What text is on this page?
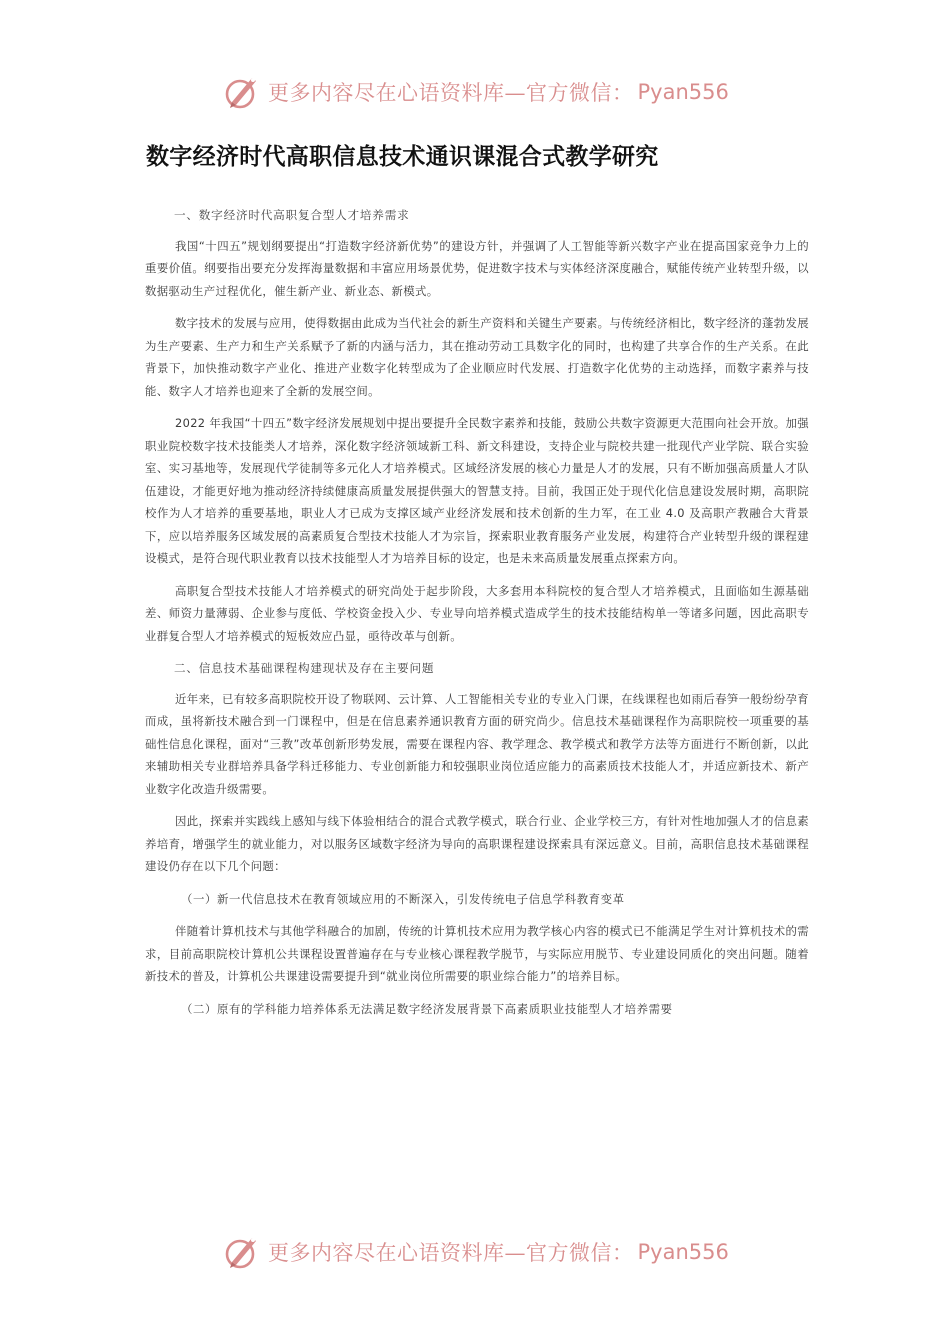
更多内容尽在心语资料库—官方微信： Pyan556
数字经济时代高职信息技术通识课混合式教学研究
一、数字经济时代高职复合型人才培养需求

我国“十四五”规划纲要提出“打造数字经济新优势”的建设方针，并强调了人工智能等新兴数字产业在提高国家竞争力上的重要价值。纲要指出要充分发挥海量数据和丰富应用场景优势，促进数字技术与实体经济深度融合，赋能传统产业转型升级，以数据驱动生产过程优化，催生新产业、新业态、新模式。

数字技术的发展与应用，使得数据由此成为当代社会的新生产资料和关键生产要素。与传统经济相比，数字经济的蓬勃发展为生产要素、生产力和生产关系赋予了新的内涵与活力，其在推动劳动工具数字化的同时，也构建了共享合作的生产关系。在此背景下，加快推动数字产业化、推进产业数字化转型成为了企业顺应时代发展、打造数字化优势的主动选择，而数字素养与技能、数字人才培养也迎来了全新的发展空间。

2022 年我国“十四五”数字经济发展规划中提出要提升全民数字素养和技能，鼓励公共数字资源更大范围向社会开放。加强职业院校数字技术技能类人才培养，深化数字经济领域新工科、新文科建设，支持企业与院校共建一批现代产业学院、联合实验室、实习基地等，发展现代学徒制等多元化人才培养模式。区域经济发展的核心力量是人才的发展，只有不断加强高质量人才队伍建设，才能更好地为推动经济持续健康高质量发展提供强大的智慧支持。目前，我国正处于现代化信息建设发展时期，高职院校作为人才培养的重要基地，职业人才已成为支撑区域产业经济发展和技术创新的生力军，在工业 4.0 及高职产教融合大背景下，应以培养服务区域发展的高素质复合型技术技能人才为宗旨，探索职业教育服务产业发展，构建符合产业转型升级的课程建设模式，是符合现代职业教育以技术技能型人才为培养目标的设定，也是未来高质量发展重点探索方向。

高职复合型技术技能人才培养模式的研究尚处于起步阶段，大多套用本科院校的复合型人才培养模式，且面临如生源基础差、师资力量薄弱、企业参与度低、学校资金投入少、专业导向培养模式造成学生的技术技能结构单一等诸多问题，因此高职专业群复合型人才培养模式的短板效应凸显，亟待改革与创新。

二、信息技术基础课程构建现状及存在主要问题

近年来，已有较多高职院校开设了物联网、云计算、人工智能相关专业的专业入门课，在线课程也如雨后春笋一般纷纷孕育而成，虽将新技术融合到一门课程中，但是在信息素养通识教育方面的研究尚少。信息技术基础课程作为高职院校一项重要的基础性信息化课程，面对“三教”改革创新形势发展，需要在课程内容、教学理念、教学模式和教学方法等方面进行不断创新，以此来辅助相关专业群培养具备学科迁移能力、专业创新能力和较强职业岗位适应能力的高素质技术技能人才，并适应新技术、新产业数字化改造升级需要。

因此，探索并实践线上感知与线下体验相结合的混合式教学模式，联合行业、企业学校三方，有针对性地加强人才的信息素养培育，增强学生的就业能力，对以服务区域数字经济为导向的高职课程建设探索具有深远意义。目前，高职信息技术基础课程建设仍存在以下几个问题：

（一）新一代信息技术在教育领域应用的不断深入，引发传统电子信息学科教育变革

伴随着计算机技术与其他学科融合的加剧，传统的计算机技术应用为教学核心内容的模式已不能满足学生对计算机技术的需求，目前高职院校计算机公共课程设置普遍存在与专业核心课程教学脱节，与实际应用脱节、专业建设同质化的突出问题。随着新技术的普及，计算机公共课建设需要提升到“就业岗位所需要的职业综合能力”的培养目标。

（二）原有的学科能力培养体系无法满足数字经济发展背景下高素质职业技能型人才培养需要
更多内容尽在心语资料库—官方微信： Pyan556
